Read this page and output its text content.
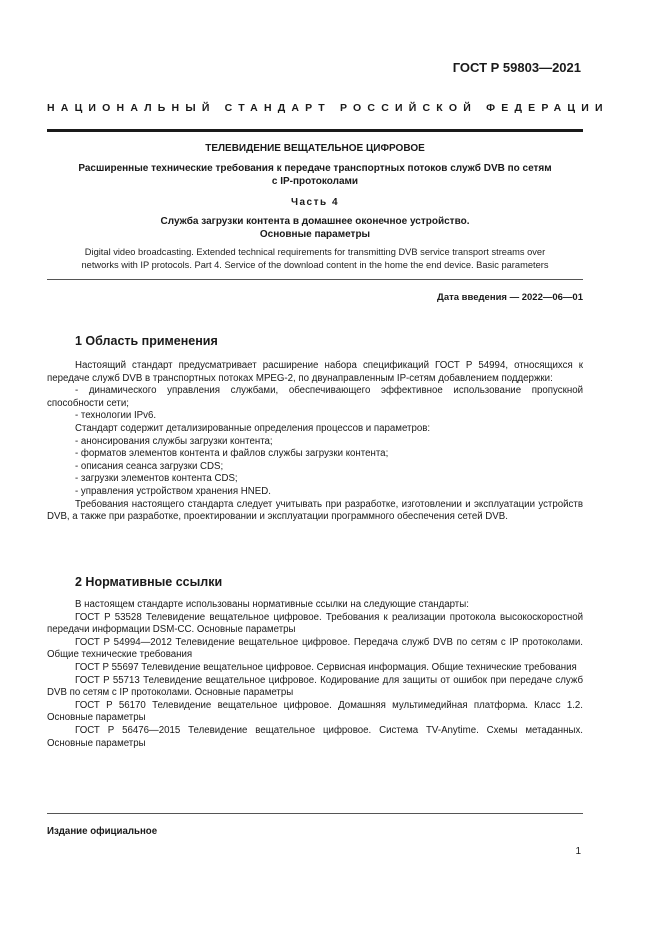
ГОСТ Р 59803—2021
НАЦИОНАЛЬНЫЙ СТАНДАРТ РОССИЙСКОЙ ФЕДЕРАЦИИ
ТЕЛЕВИДЕНИЕ ВЕЩАТЕЛЬНОЕ ЦИФРОВОЕ
Расширенные технические требования к передаче транспортных потоков служб DVB по сетям
с IP-протоколами
Часть 4
Служба загрузки контента в домашнее оконечное устройство.
Основные параметры
Digital video broadcasting. Extended technical requirements for transmitting DVB service transport streams over
networks with IP protocols. Part 4. Service of the download content in the home the end device. Basic parameters
Дата введения — 2022—06—01
1 Область применения

Настоящий стандарт предусматривает расширение набора спецификаций ГОСТ Р 54994, относящихся к передаче служб DVB в транспортных потоках MPEG-2, по двунаправленным IP-сетям добавлением поддержки:

- динамического управления службами, обеспечивающего эффективное использование пропускной способности сети;

- технологии IPv6.

Стандарт содержит детализированные определения процессов и параметров:

- анонсирования службы загрузки контента;

- форматов элементов контента и файлов службы загрузки контента;

- описания сеанса загрузки CDS;

- загрузки элементов контента CDS;

- управления устройством хранения HNED.

Требования настоящего стандарта следует учитывать при разработке, изготовлении и эксплуатации устройств DVB, а также при разработке, проектировании и эксплуатации программного обеспечения сетей DVB.

2 Нормативные ссылки

В настоящем стандарте использованы нормативные ссылки на следующие стандарты:

ГОСТ Р 53528 Телевидение вещательное цифровое. Требования к реализации протокола высокоскоростной передачи информации DSM-CC. Основные параметры

ГОСТ Р 54994—2012 Телевидение вещательное цифровое. Передача служб DVB по сетям с IP протоколами. Общие технические требования

ГОСТ Р 55697 Телевидение вещательное цифровое. Сервисная информация. Общие технические требования

ГОСТ Р 55713 Телевидение вещательное цифровое. Кодирование для защиты от ошибок при передаче служб DVB по сетям с IP протоколами. Основные параметры

ГОСТ Р 56170 Телевидение вещательное цифровое. Домашняя мультимедийная платформа. Класс 1.2. Основные параметры

ГОСТ Р 56476—2015 Телевидение вещательное цифровое. Система TV-Anytime. Схемы метаданных. Основные параметры

Издание официальное
1
